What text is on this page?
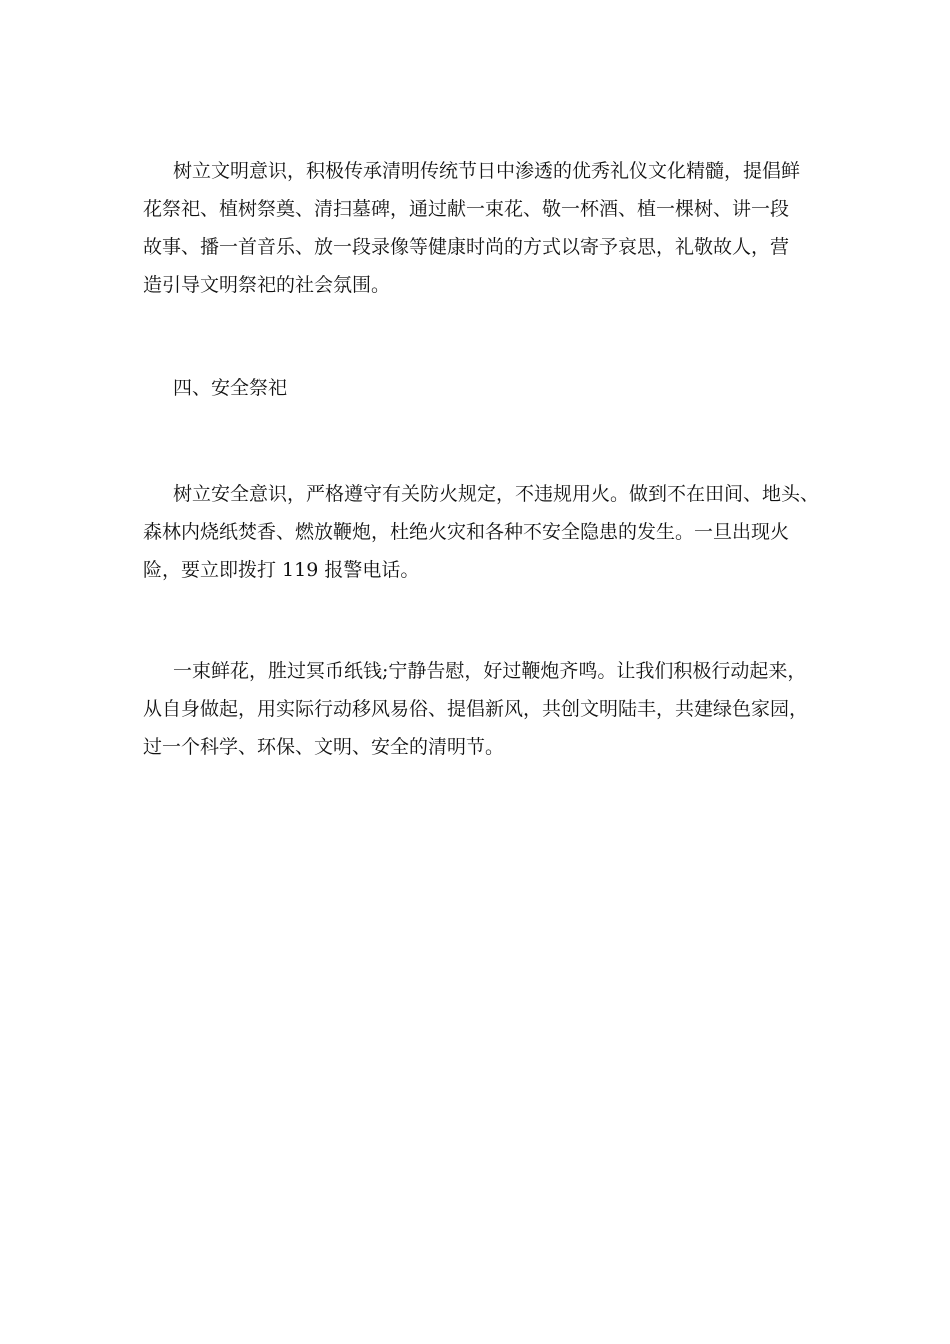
树立文明意识，积极传承清明传统节日中渗透的优秀礼仪文化精髓，提倡鲜
花祭祀、植树祭奠、清扫墓碑，通过献一束花、敬一杯酒、植一棵树、讲一段
故事、播一首音乐、放一段录像等健康时尚的方式以寄予哀思，礼敬故人，营
造引导文明祭祀的社会氛围。

四、安全祭祀

树立安全意识，严格遵守有关防火规定，不违规用火。做到不在田间、地头、
森林内烧纸焚香、燃放鞭炮，杜绝火灾和各种不安全隐患的发生。一旦出现火
险，要立即拨打 119 报警电话。

一束鲜花，胜过冥币纸钱;宁静告慰，好过鞭炮齐鸣。让我们积极行动起来，
从自身做起，用实际行动移风易俗、提倡新风，共创文明陆丰，共建绿色家园，
过一个科学、环保、文明、安全的清明节。
